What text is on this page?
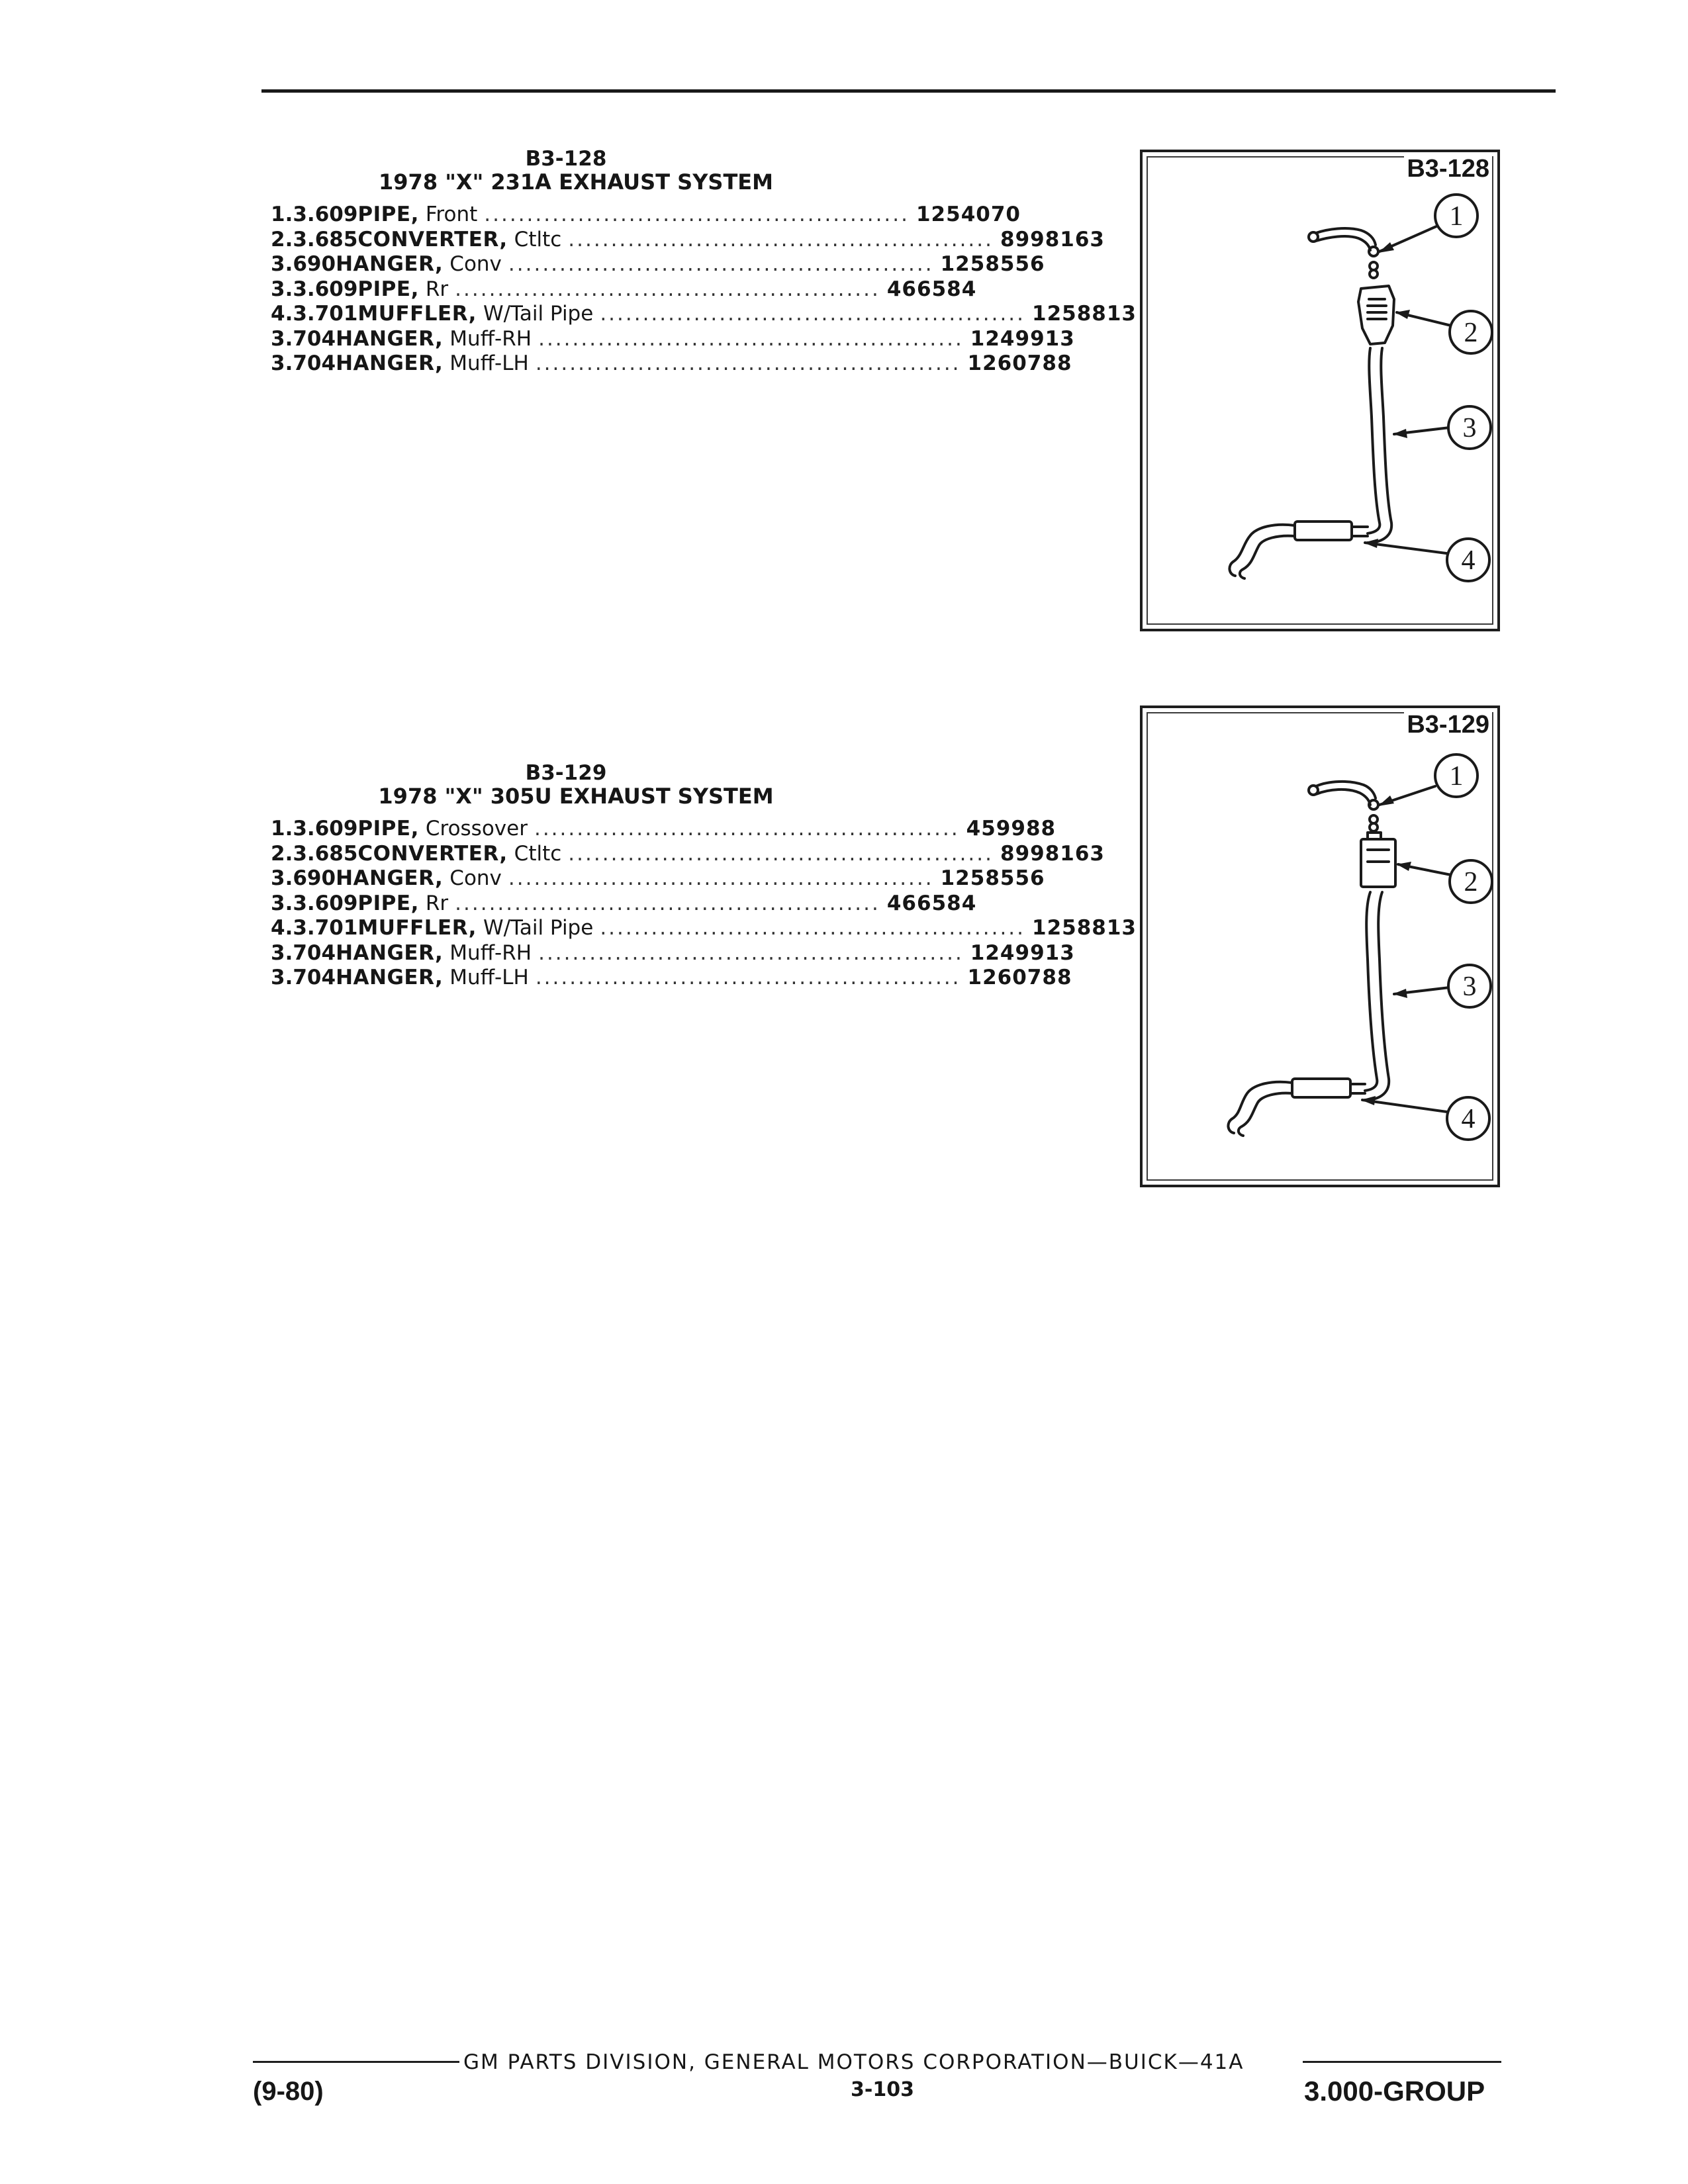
B3-128
1978 "X" 231A EXHAUST SYSTEM
1. 3.609 PIPE, Front .................................................. 1254070
2. 3.685 CONVERTER, Ctltc .................................................. 8998163
3.690 HANGER, Conv .................................................. 1258556
3. 3.609 PIPE, Rr .................................................. 466584
4. 3.701 MUFFLER, W/Tail Pipe .................................................. 1258813
3.704 HANGER, Muff-RH .................................................. 1249913
3.704 HANGER, Muff-LH .................................................. 1260788
B3-129
1978 "X" 305U EXHAUST SYSTEM
1. 3.609 PIPE, Crossover .................................................. 459988
2. 3.685 CONVERTER, Ctltc .................................................. 8998163
3.690 HANGER, Conv .................................................. 1258556
3. 3.609 PIPE, Rr .................................................. 466584
4. 3.701 MUFFLER, W/Tail Pipe .................................................. 1258813
3.704 HANGER, Muff-RH .................................................. 1249913
3.704 HANGER, Muff-LH .................................................. 1260788
1
2
3
4
B3-128
1
2
3
4
B3-129
GM PARTS DIVISION, GENERAL MOTORS CORPORATION—BUICK—41A
(9-80)	3-103	3.000-GROUP
